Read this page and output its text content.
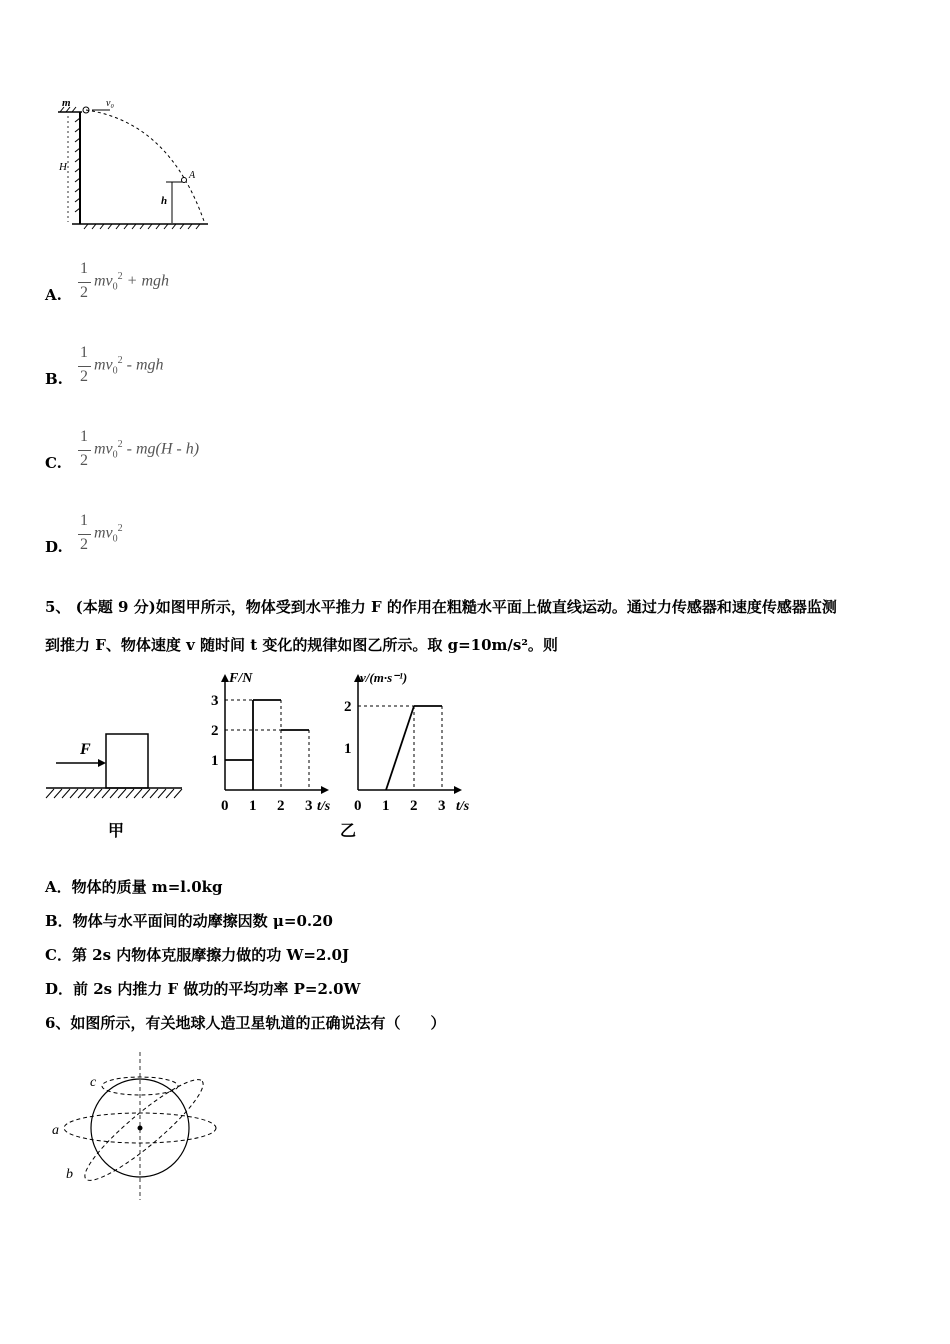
H
m	v₀
A
h
A.
1
2
$mv_0^2$ + mgh
B.
1
2
$mv_0^2$ - mgh
C.
1
2
$mv_0^2 - mg(H - h)$
D.
1
2
$mv_0^2$
5、 (本题 9 分)如图甲所示，物体受到水平推力 F 的作用在粗糙水平面上做直线运动。通过力传感器和速度传感器监测
到推力 F、物体速度 v 随时间 t 变化的规律如图乙所示。取 g=10m/s²。则
F
甲
F/N
t/s
1
2
3
0 1 2 3
v/(m·s⁻¹)
t/s
1
2
0 1 2 3
乙
A．物体的质量 m=l.0kg
B．物体与水平面间的动摩擦因数 μ=0.20
C．第 2s 内物体克服摩擦力做的功 W=2.0J
D．前 2s 内推力 F 做功的平均功率 P=2.0W
6、如图所示，有关地球人造卫星轨道的正确说法有（　　）
c
a
b
